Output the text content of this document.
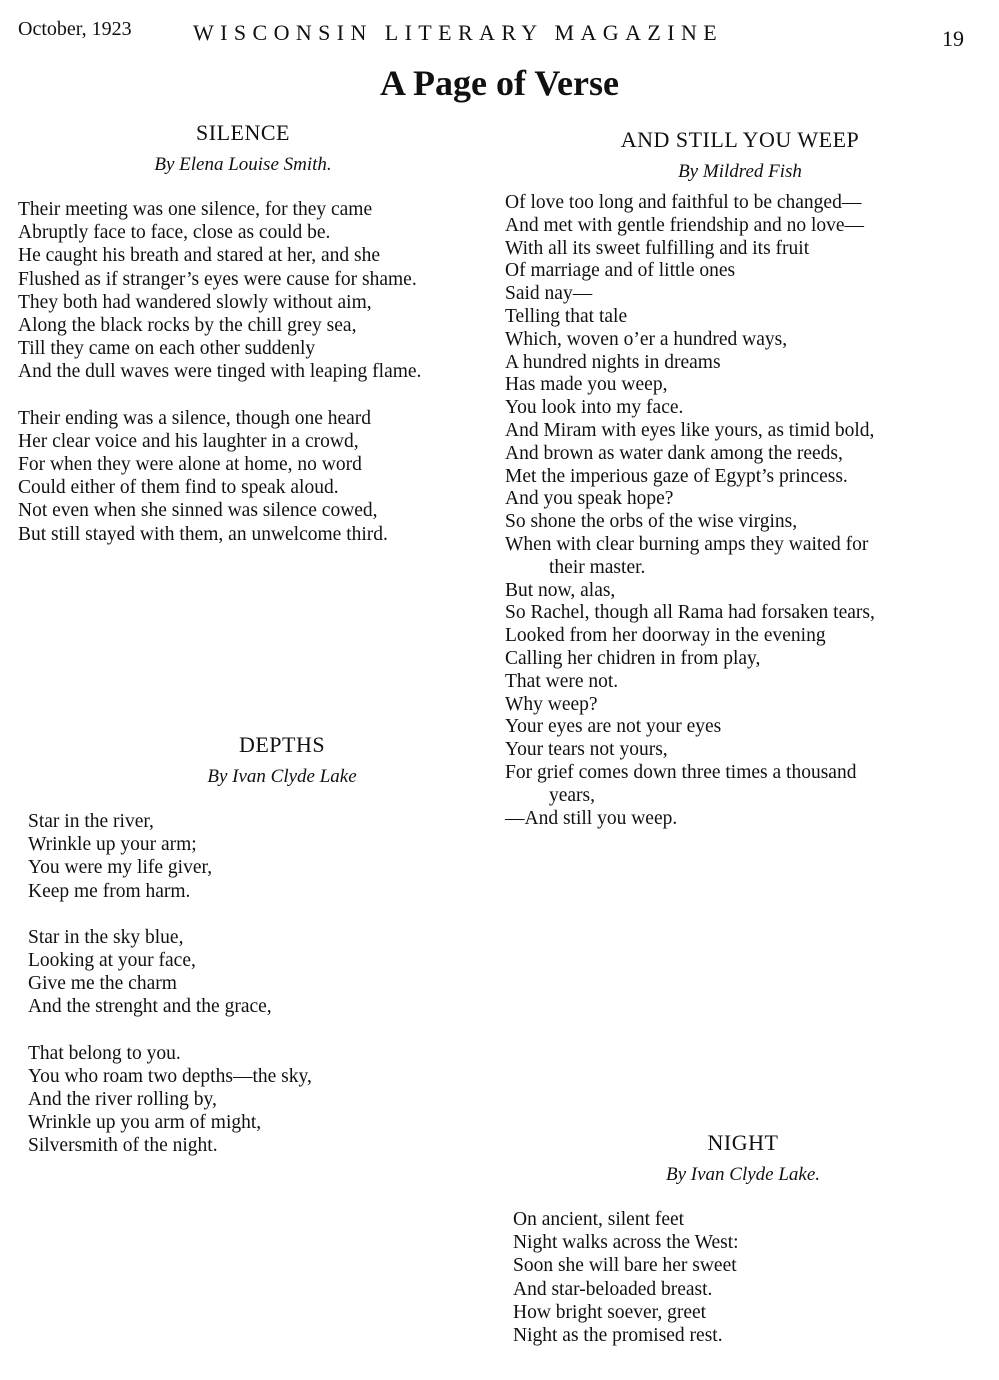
October, 1923	WISCONSIN LITERARY MAGAZINE	19
A Page of Verse
SILENCE
By Elena Louise Smith.
Their meeting was one silence, for they came
Abruptly face to face, close as could be.
He caught his breath and stared at her, and she
Flushed as if stranger’s eyes were cause for shame.
They both had wandered slowly without aim,
Along the black rocks by the chill grey sea,
Till they came on each other suddenly
And the dull waves were tinged with leaping flame.
Their ending was a silence, though one heard
Her clear voice and his laughter in a crowd,
For when they were alone at home, no word
Could either of them find to speak aloud.
Not even when she sinned was silence cowed,
But still stayed with them, an unwelcome third.
DEPTHS
By Ivan Clyde Lake
Star in the river,
Wrinkle up your arm;
You were my life giver,
Keep me from harm.
Star in the sky blue,
Looking at your face,
Give me the charm
And the strenght and the grace,
That belong to you.
You who roam two depths—the sky,
And the river rolling by,
Wrinkle up you arm of might,
Silversmith of the night.
AND STILL YOU WEEP
By Mildred Fish
Of love too long and faithful to be changed—
And met with gentle friendship and no love—
With all its sweet fulfilling and its fruit
Of marriage and of little ones
Said nay—
Telling that tale
Which, woven o’er a hundred ways,
A hundred nights in dreams
Has made you weep,
You look into my face.
And Miram with eyes like yours, as timid bold,
And brown as water dank among the reeds,
Met the imperious gaze of Egypt’s princess.
And you speak hope?
So shone the orbs of the wise virgins,
When with clear burning amps they waited for
their master.
But now, alas,
So Rachel, though all Rama had forsaken tears,
Looked from her doorway in the evening
Calling her chidren in from play,
That were not.
Why weep?
Your eyes are not your eyes
Your tears not yours,
For grief comes down three times a thousand
years,
—And still you weep.
NIGHT
By Ivan Clyde Lake.
On ancient, silent feet
Night walks across the West:
Soon she will bare her sweet
And star-beloaded breast.
How bright soever, greet
Night as the promised rest.
